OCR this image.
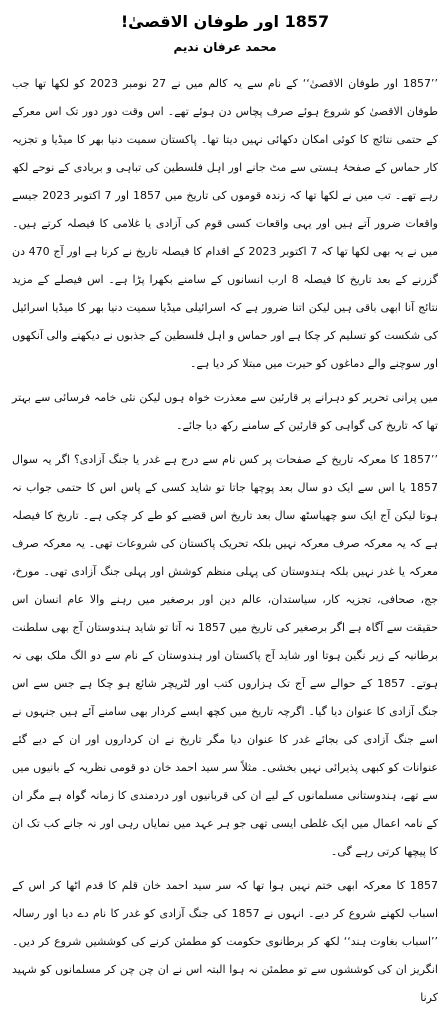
1857 اور طوفان الاقصیٰ!
محمد عرفان ندیم

’’1857 اور طوفان الاقصیٰ‘‘ کے نام سے یہ کالم میں نے 27 نومبر 2023 کو لکھا تھا جب طوفان الاقصیٰ کو شروع ہوئے صرف پچاس دن ہوئے تھے۔ اس وقت دور دور تک اس معرکے کے حتمی نتائج کا کوئی امکان دکھائی نہیں دیتا تھا۔ پاکستان سمیت دنیا بھر کا میڈیا و تجزیہ کار حماس کے صفحۂ ہستی سے مٹ جانے اور اہل فلسطین کی تباہی و بربادی کے نوحے لکھ رہے تھے۔ تب میں نے لکھا تھا کہ زندہ قوموں کی تاریخ میں 1857 اور 7 اکتوبر 2023 جیسے واقعات ضرور آتے ہیں اور یہی واقعات کسی قوم کی آزادی یا غلامی کا فیصلہ کرتے ہیں۔ میں نے یہ بھی لکھا تھا کہ 7 اکتوبر 2023 کے اقدام کا فیصلہ تاریخ نے کرنا ہے اور آج 470 دن گزرنے کے بعد تاریخ کا فیصلہ 8 ارب انسانوں کے سامنے بکھرا پڑا ہے۔ اس فیصلے کے مزید نتائج آنا ابھی باقی ہیں لیکن اتنا ضرور ہے کہ اسرائیلی میڈیا سمیت دنیا بھر کا میڈیا اسرائیل کی شکست کو تسلیم کر چکا ہے اور حماس و اہل فلسطین کے جذبوں نے دیکھنے والی آنکھوں اور سوچنے والے دماغوں کو حیرت میں مبتلا کر دیا ہے۔

میں پرانی تحریر کو دہرانے پر قارئین سے معذرت خواہ ہوں لیکن نئی خامہ فرسائی سے بہتر تھا کہ تاریخ کی گواہی کو قارئین کے سامنے رکھ دیا جائے۔

’’1857 کا معرکہ تاریخ کے صفحات پر کس نام سے درج ہے غدر یا جنگ آزادی؟ اگر یہ سوال 1857 یا اس سے ایک دو سال بعد پوچھا جاتا تو شاید کسی کے پاس اس کا حتمی جواب نہ ہوتا لیکن آج ایک سو چھیاسٹھ سال بعد تاریخ اس قضیے کو طے کر چکی ہے۔ تاریخ کا فیصلہ ہے کہ یہ معرکہ صرف معرکہ نہیں بلکہ تحریک پاکستان کی شروعات تھی۔ یہ معرکہ صرف معرکہ یا غدر نہیں بلکہ ہندوستان کی پہلی منظم کوشش اور پہلی جنگ آزادی تھی۔ مورخ، جج، صحافی، تجزیہ کار، سیاستدان، عالم دین اور برصغیر میں رہنے والا عام انسان اس حقیقت سے آگاہ ہے اگر برصغیر کی تاریخ میں 1857 نہ آتا تو شاید ہندوستان آج بھی سلطنت برطانیہ کے زیر نگین ہوتا اور شاید آج پاکستان اور ہندوستان کے نام سے دو الگ ملک بھی نہ ہوتے۔ 1857 کے حوالے سے آج تک ہزاروں کتب اور لٹریچر شائع ہو چکا ہے جس سے اس جنگ آزادی کا عنوان دیا گیا۔ اگرچہ تاریخ میں کچھ ایسے کردار بھی سامنے آئے ہیں جنہوں نے اسے جنگ آزادی کی بجائے غدر کا عنوان دیا مگر تاریخ نے ان کرداروں اور ان کے دیے گئے عنوانات کو کبھی پذیرائی نہیں بخشی۔ مثلاً سر سید احمد خان دو قومی نظریہ کے بانیوں میں سے تھے، ہندوستانی مسلمانوں کے لیے ان کی قربانیوں اور دردمندی کا زمانہ گواہ ہے مگر ان کے نامہ اعمال میں ایک غلطی ایسی تھی جو ہر عہد میں نمایاں رہی اور نہ جانے کب تک ان کا پیچھا کرتی رہے گی۔

1857 کا معرکہ ابھی ختم نہیں ہوا تھا کہ سر سید احمد خان قلم کا قدم اٹھا کر اس کے اسباب لکھنے شروع کر دیے۔ انہوں نے 1857 کی جنگ آزادی کو غدر کا نام دے دیا اور رسالہ ’’اسباب بغاوت ہند‘‘ لکھ کر برطانوی حکومت کو مطمئن کرنے کی کوششیں شروع کر دیں۔ انگریز ان کی کوششوں سے تو مطمئن نہ ہوا البتہ اس نے ان چن چن کر مسلمانوں کو شہید کرنا
